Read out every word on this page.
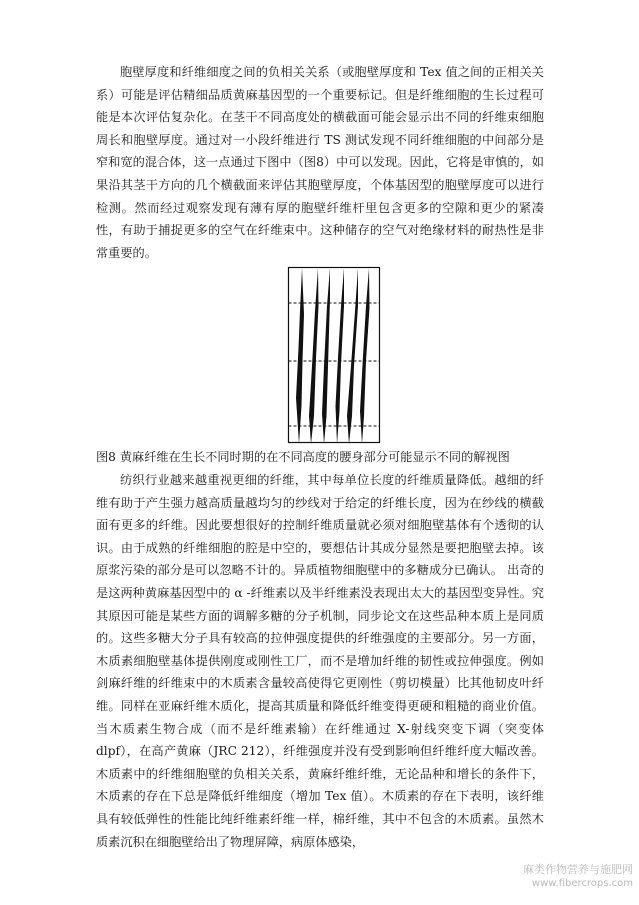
胞壁厚度和纤维细度之间的负相关关系（或胞壁厚度和 Tex 值之间的正相关关系）可能是评估精细品质黄麻基因型的一个重要标记。但是纤维细胞的生长过程可能是本次评估复杂化。在茎干不同高度处的横截面可能会显示出不同的纤维束细胞周长和胞壁厚度。通过对一小段纤维进行 TS 测试发现不同纤维细胞的中间部分是窄和宽的混合体，这一点通过下图中（图8）中可以发现。因此，它将是审慎的，如果沿其茎干方向的几个横截面来评估其胞壁厚度，个体基因型的胞壁厚度可以进行检测。然而经过观察发现有薄有厚的胞壁纤维杆里包含更多的空隙和更少的紧凑性，有助于捕捉更多的空气在纤维束中。这种储存的空气对绝缘材料的耐热性是非常重要的。

图8 黄麻纤维在生长不同时期的在不同高度的腰身部分可能显示不同的解视图

纺织行业越来越重视更细的纤维，其中每单位长度的纤维质量降低。越细的纤维有助于产生强力越高质量越均匀的纱线对于给定的纤维长度，因为在纱线的横截面有更多的纤维。因此要想很好的控制纤维质量就必须对细胞壁基体有个透彻的认识。由于成熟的纤维细胞的腔是中空的，要想估计其成分显然是要把胞壁去掉。该原浆污染的部分是可以忽略不计的。异质植物细胞壁中的多糖成分已确认。 出奇的是这两种黄麻基因型中的 α -纤维素以及半纤维素没表现出太大的基因型变异性。究其原因可能是某些方面的调解多糖的分子机制，同步论文在这些品种本质上是同质的。这些多糖大分子具有较高的拉伸强度提供的纤维强度的主要部分。另一方面，木质素细胞壁基体提供刚度或刚性工厂，而不是增加纤维的韧性或拉伸强度。例如剑麻纤维的纤维束中的木质素含量较高使得它更刚性（剪切模量）比其他韧皮叶纤维。同样在亚麻纤维木质化，提高其质量和降低纤维变得更硬和粗糙的商业价值。当木质素生物合成（而不是纤维素输）在纤维通过 X-射线突变下调（突变体 dlpf），在高产黄麻（JRC 212），纤维强度并没有受到影响但纤维纤度大幅改善。木质素中的纤维细胞壁的负相关关系，黄麻纤维纤维，无论品种和增长的条件下，木质素的存在下总是降低纤维细度（增加 Tex 值）。木质素的存在下表明，该纤维具有较低弹性的性能比纯纤维素纤维一样，棉纤维，其中不包含的木质素。虽然木质素沉积在细胞壁给出了物理屏障，病原体感染，

麻类作物营养与施肥网
www.fibercrops.com
